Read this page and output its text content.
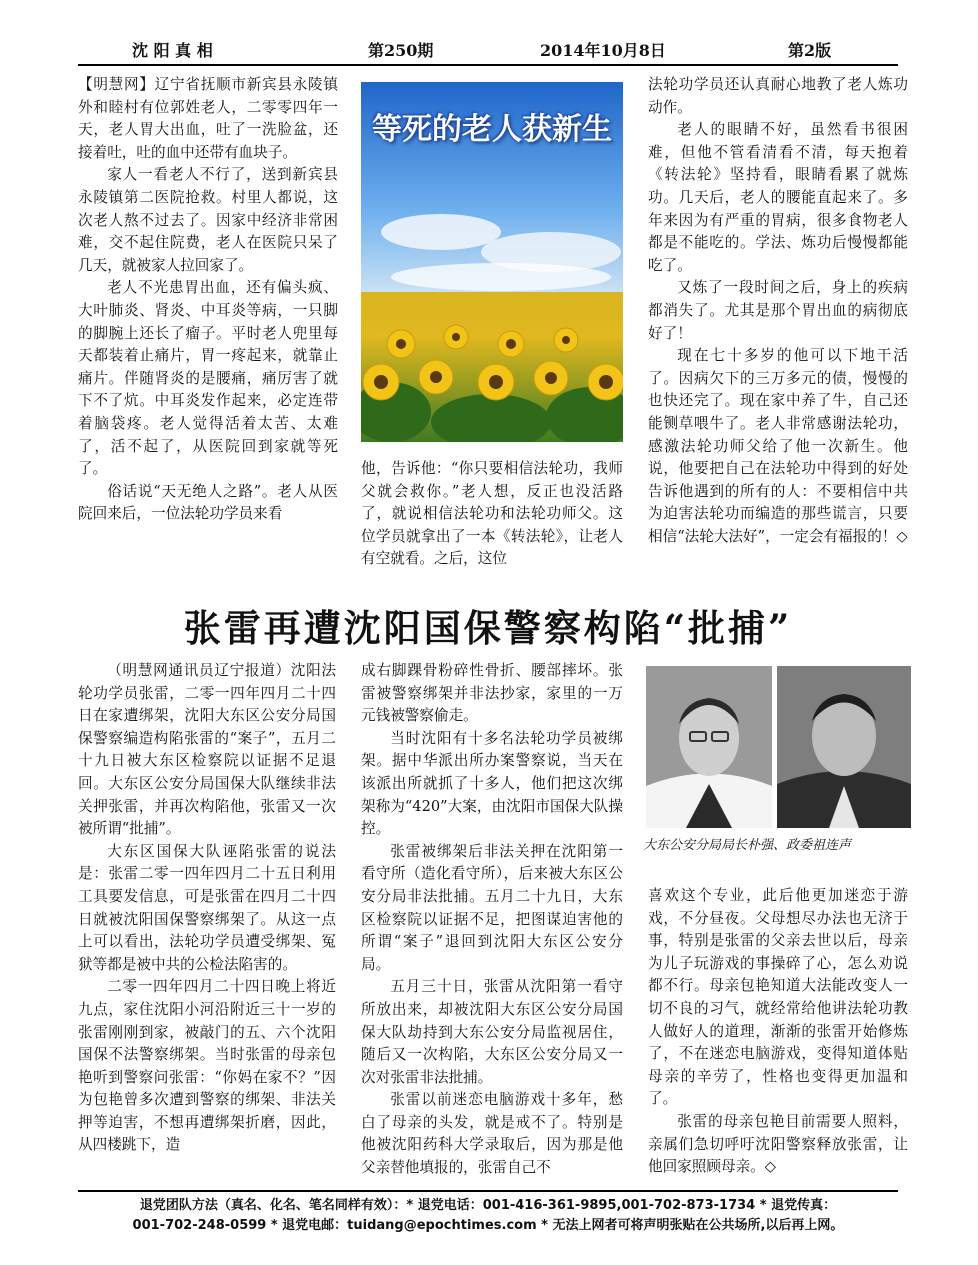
沈 阳 真 相	第250期	2014年10月8日	第2版

【明慧网】辽宁省抚顺市新宾县永陵镇外和睦村有位郭姓老人，二零零四年一天，老人胃大出血，吐了一洗脸盆，还接着吐，吐的血中还带有血块子。

家人一看老人不行了，送到新宾县永陵镇第二医院抢救。村里人都说，这次老人熬不过去了。因家中经济非常困难，交不起住院费，老人在医院只呆了几天，就被家人拉回家了。

老人不光患胃出血，还有偏头疯、大叶肺炎、肾炎、中耳炎等病，一只脚的脚腕上还长了瘤子。平时老人兜里每天都装着止痛片，胃一疼起来，就靠止痛片。伴随肾炎的是腰痛，痛厉害了就下不了炕。中耳炎发作起来，必定连带着脑袋疼。老人觉得活着太苦、太难了，活不起了，从医院回到家就等死了。

俗话说“天无绝人之路”。老人从医院回来后，一位法轮功学员来看

等死的老人获新生

他，告诉他：“你只要相信法轮功，我师父就会救你。”老人想，反正也没活路了，就说相信法轮功和法轮功师父。这位学员就拿出了一本《转法轮》，让老人有空就看。之后，这位

法轮功学员还认真耐心地教了老人炼功动作。

老人的眼睛不好，虽然看书很困难，但他不管看清看不清，每天抱着《转法轮》坚持看，眼睛看累了就炼功。几天后，老人的腰能直起来了。多年来因为有严重的胃病，很多食物老人都是不能吃的。学法、炼功后慢慢都能吃了。

又炼了一段时间之后，身上的疾病都消失了。尤其是那个胃出血的病彻底好了！

现在七十多岁的他可以下地干活了。因病欠下的三万多元的债，慢慢的也快还完了。现在家中养了牛，自己还能铡草喂牛了。老人非常感谢法轮功，感激法轮功师父给了他一次新生。他说，他要把自己在法轮功中得到的好处告诉他遇到的所有的人：不要相信中共为迫害法轮功而编造的那些谎言，只要相信“法轮大法好”，一定会有福报的！◇

张雷再遭沈阳国保警察构陷“批捕”

（明慧网通讯员辽宁报道）沈阳法轮功学员张雷，二零一四年四月二十四日在家遭绑架，沈阳大东区公安分局国保警察编造构陷张雷的“案子”，五月二十九日被大东区检察院以证据不足退回。大东区公安分局国保大队继续非法关押张雷，并再次构陷他，张雷又一次被所谓“批捕”。

大东区国保大队诬陷张雷的说法是：张雷二零一四年四月二十五日利用工具要发信息，可是张雷在四月二十四日就被沈阳国保警察绑架了。从这一点上可以看出，法轮功学员遭受绑架、冤狱等都是被中共的公检法陷害的。

二零一四年四月二十四日晚上将近九点，家住沈阳小河沿附近三十一岁的张雷刚刚到家，被敲门的五、六个沈阳国保不法警察绑架。当时张雷的母亲包艳听到警察问张雷：“你妈在家不？”因为包艳曾多次遭到警察的绑架、非法关押等迫害，不想再遭绑架折磨，因此，从四楼跳下，造

成右脚踝骨粉碎性骨折、腰部摔坏。张雷被警察绑架并非法抄家，家里的一万元钱被警察偷走。

当时沈阳有十多名法轮功学员被绑架。据中华派出所办案警察说，当天在该派出所就抓了十多人，他们把这次绑架称为“420”大案，由沈阳市国保大队操控。

张雷被绑架后非法关押在沈阳第一看守所（造化看守所），后来被大东区公安分局非法批捕。五月二十九日，大东区检察院以证据不足，把图谋迫害他的所谓“案子”退回到沈阳大东区公安分局。

五月三十日，张雷从沈阳第一看守所放出来，却被沈阳大东区公安分局国保大队劫持到大东公安分局监视居住，随后又一次构陷，大东区公安分局又一次对张雷非法批捕。

张雷以前迷恋电脑游戏十多年，愁白了母亲的头发，就是戒不了。特别是他被沈阳药科大学录取后，因为那是他父亲替他填报的，张雷自己不

大东公安分局局长朴强、政委祖连声

喜欢这个专业，此后他更加迷恋于游戏，不分昼夜。父母想尽办法也无济于事，特别是张雷的父亲去世以后，母亲为儿子玩游戏的事操碎了心，怎么劝说都不行。母亲包艳知道大法能改变人一切不良的习气，就经常给他讲法轮功教人做好人的道理，渐渐的张雷开始修炼了，不在迷恋电脑游戏，变得知道体贴母亲的辛劳了，性格也变得更加温和了。

张雷的母亲包艳目前需要人照料，亲属们急切呼吁沈阳警察释放张雷，让他回家照顾母亲。◇

退党团队方法（真名、化名、笔名同样有效）：* 退党电话：001-416-361-9895,001-702-873-1734 * 退党传真：
001-702-248-0599 * 退党电邮：tuidang@epochtimes.com * 无法上网者可将声明张贴在公共场所,以后再上网。
